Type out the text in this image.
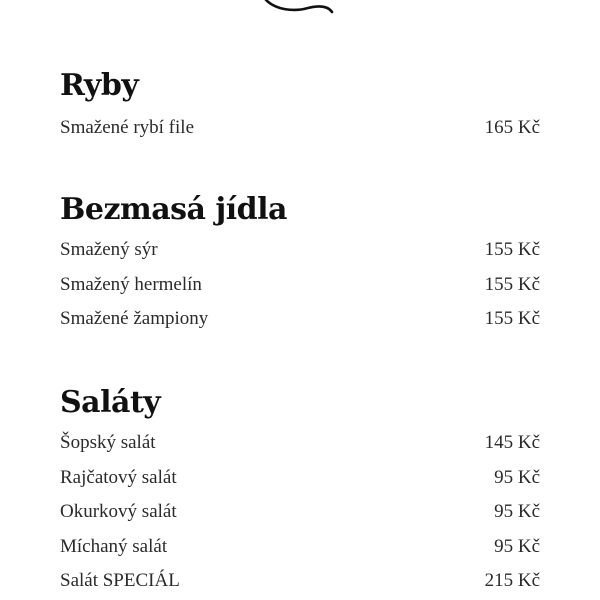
Ryby
Smažené rybí file	165 Kč
Bezmasá jídla
Smažený sýr	155 Kč
Smažený hermelín	155 Kč
Smažené žampiony	155 Kč
Saláty
Šopský salát	145 Kč
Rajčatový salát	95 Kč
Okurkový salát	95 Kč
Míchaný salát	95 Kč
Salát SPECIÁL	215 Kč
